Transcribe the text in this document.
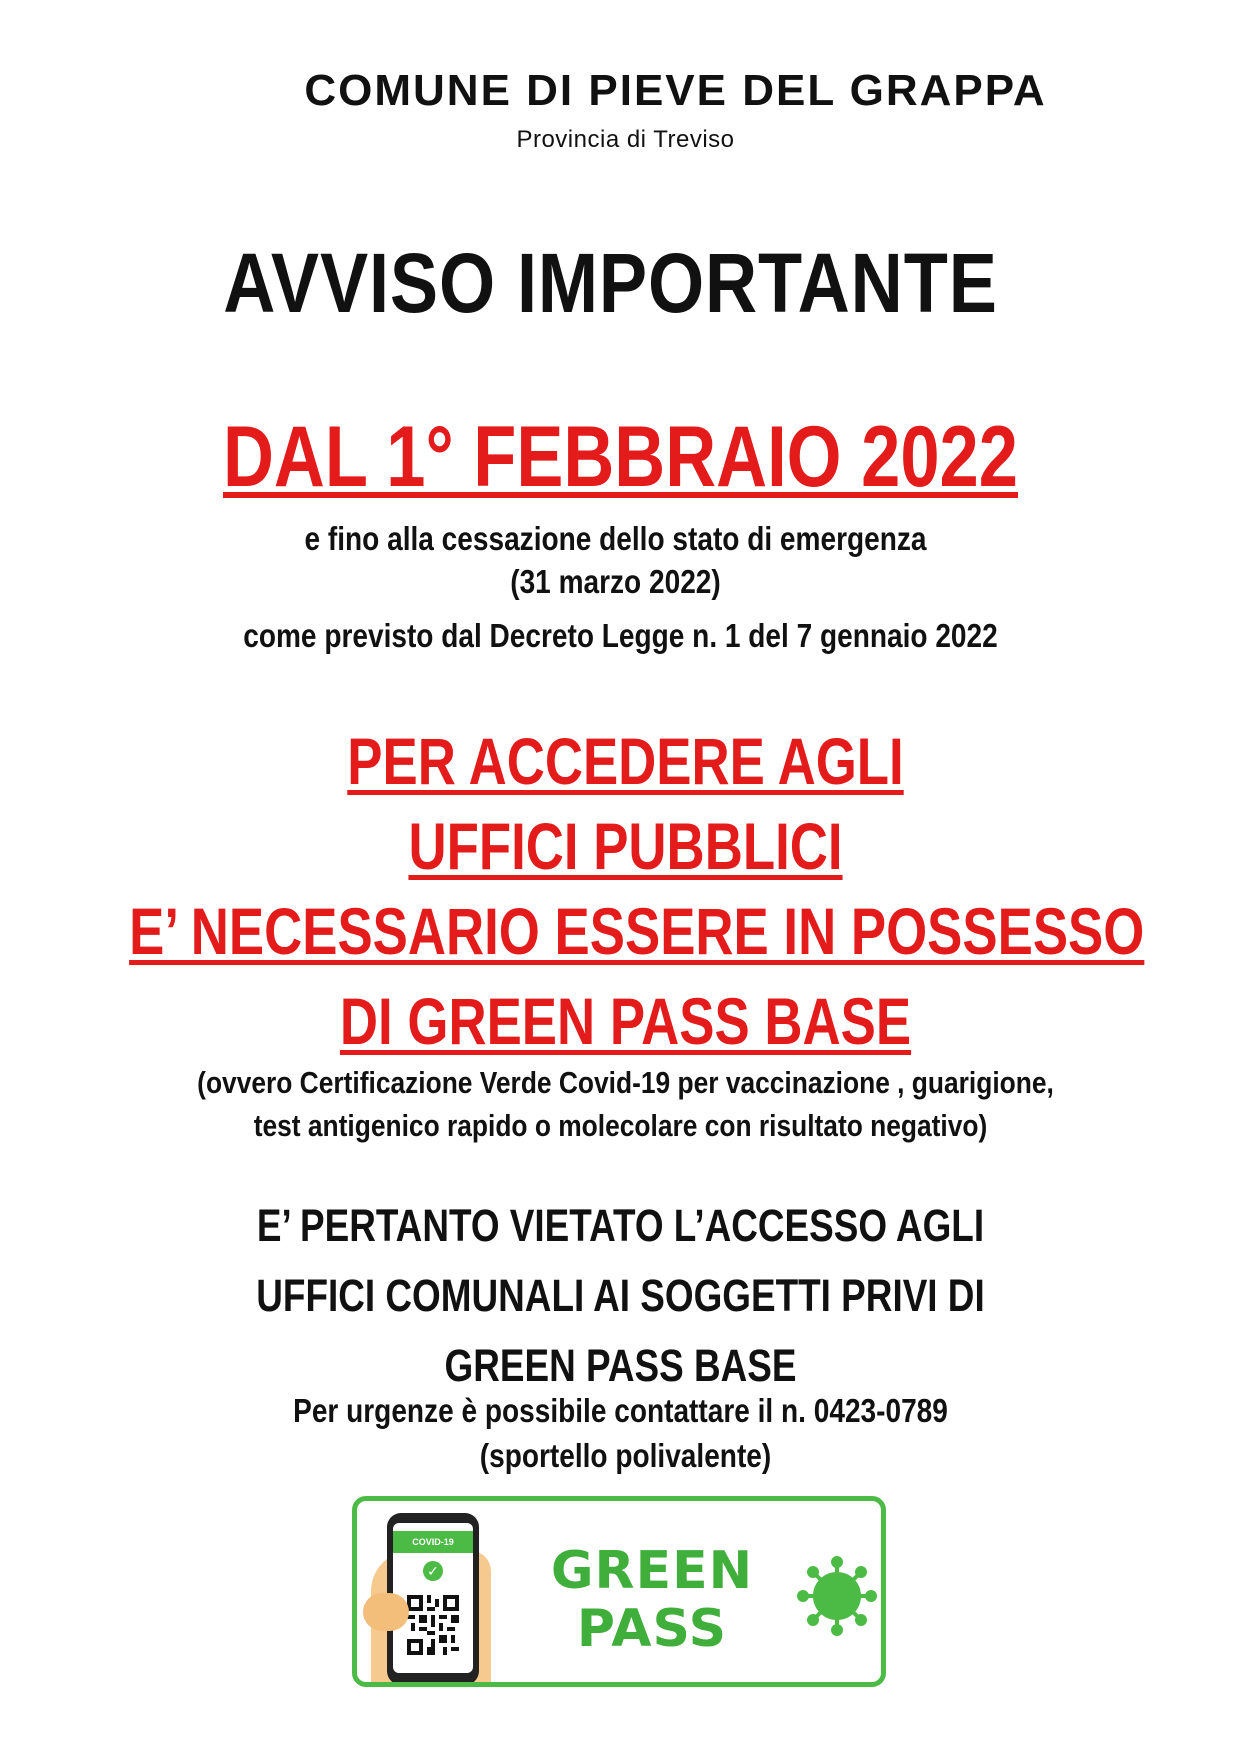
COMUNE DI PIEVE DEL GRAPPA
Provincia di Treviso
AVVISO IMPORTANTE
DAL 1° FEBBRAIO 2022
e fino alla cessazione dello stato di emergenza
(31 marzo 2022)
come previsto dal Decreto Legge n. 1 del 7 gennaio 2022
PER ACCEDERE AGLI
UFFICI PUBBLICI
E’ NECESSARIO ESSERE IN POSSESSO
DI GREEN PASS BASE
(ovvero Certificazione Verde Covid-19 per vaccinazione , guarigione,
test antigenico rapido o molecolare con risultato negativo)
E’ PERTANTO VIETATO L’ACCESSO AGLI
UFFICI COMUNALI AI SOGGETTI PRIVI DI
GREEN PASS BASE
Per urgenze è possibile contattare il n. 0423-0789
(sportello polivalente)
COVID-19
✓	GREEN
PASS
